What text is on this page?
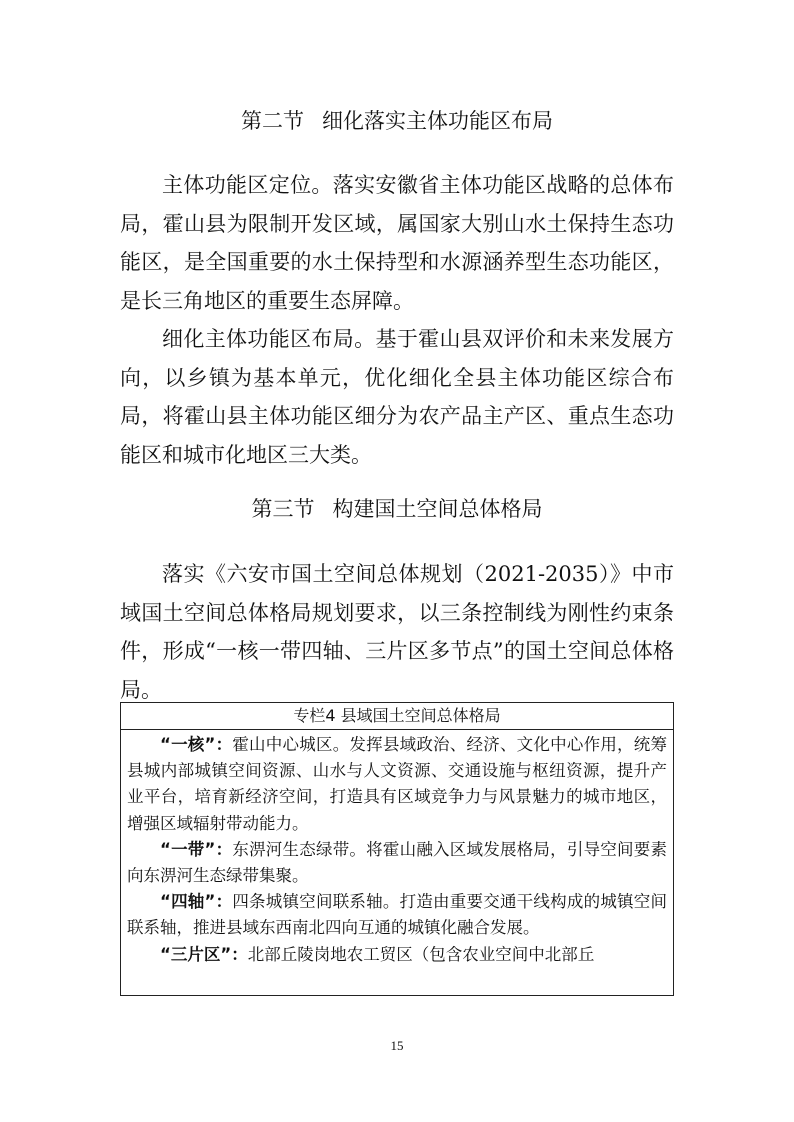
第二节 细化落实主体功能区布局

主体功能区定位。落实安徽省主体功能区战略的总体布局，霍山县为限制开发区域，属国家大别山水土保持生态功能区，是全国重要的水土保持型和水源涵养型生态功能区，是长三角地区的重要生态屏障。

细化主体功能区布局。基于霍山县双评价和未来发展方向，以乡镇为基本单元，优化细化全县主体功能区综合布局，将霍山县主体功能区细分为农产品主产区、重点生态功能区和城市化地区三大类。

第三节 构建国土空间总体格局

落实《六安市国土空间总体规划（2021-2035）》中市域国土空间总体格局规划要求，以三条控制线为刚性约束条件，形成“一核一带四轴、三片区多节点”的国土空间总体格局。

专栏4 县域国土空间总体格局

“一核”：霍山中心城区。发挥县域政治、经济、文化中心作用，统筹县城内部城镇空间资源、山水与人文资源、交通设施与枢纽资源，提升产业平台，培育新经济空间，打造具有区域竞争力与风景魅力的城市地区，增强区域辐射带动能力。

“一带”：东淠河生态绿带。将霍山融入区域发展格局，引导空间要素向东淠河生态绿带集聚。

“四轴”：四条城镇空间联系轴。打造由重要交通干线构成的城镇空间联系轴，推进县域东西南北四向互通的城镇化融合发展。

“三片区”：北部丘陵岗地农工贸区（包含农业空间中北部丘

15
